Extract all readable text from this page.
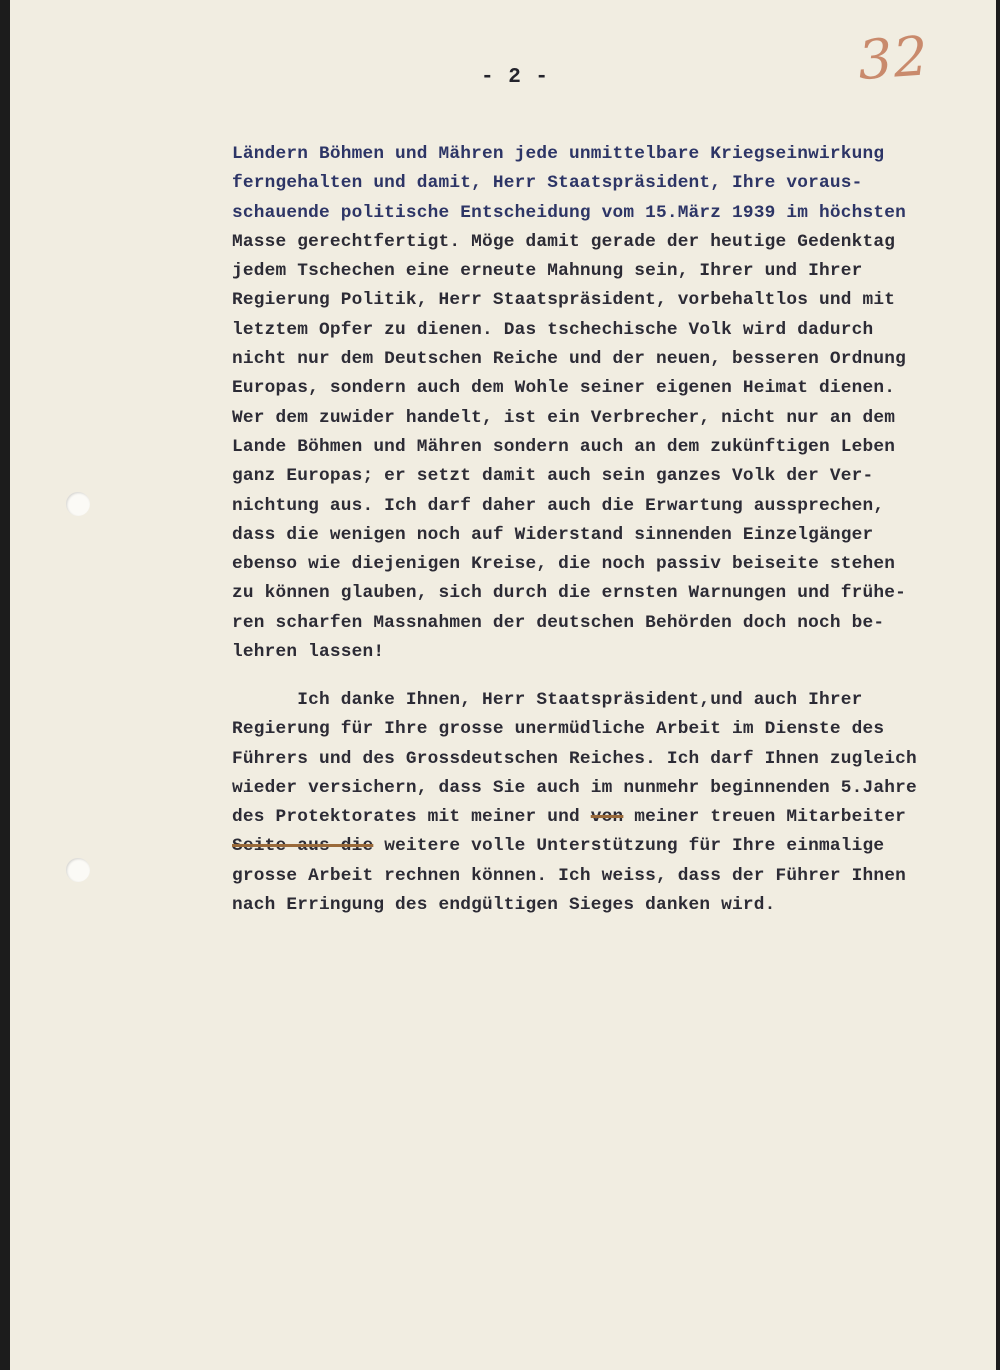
32
- 2 -
Ländern Böhmen und Mähren jede unmittelbare Kriegseinwirkung
ferngehalten und damit, Herr Staatspräsident, Ihre voraus-
schauende politische Entscheidung vom 15.März 1939 im höchsten
Masse gerechtfertigt. Möge damit gerade der heutige Gedenktag
jedem Tschechen eine erneute Mahnung sein, Ihrer und Ihrer
Regierung Politik, Herr Staatspräsident, vorbehaltlos und mit
letztem Opfer zu dienen. Das tschechische Volk wird dadurch
nicht nur dem Deutschen Reiche und der neuen, besseren Ordnung
Europas, sondern auch dem Wohle seiner eigenen Heimat dienen.
Wer dem zuwider handelt, ist ein Verbrecher, nicht nur an dem
Lande Böhmen und Mähren sondern auch an dem zukünftigen Leben
ganz Europas; er setzt damit auch sein ganzes Volk der Ver-
nichtung aus. Ich darf daher auch die Erwartung aussprechen,
dass die wenigen noch auf Widerstand sinnenden Einzelgänger
ebenso wie diejenigen Kreise, die noch passiv beiseite stehen
zu können glauben, sich durch die ernsten Warnungen und frühe-
ren scharfen Massnahmen der deutschen Behörden doch noch be-
lehren lassen!
Ich danke Ihnen, Herr Staatspräsident,und auch Ihrer
Regierung für Ihre grosse unermüdliche Arbeit im Dienste des
Führers und des Grossdeutschen Reiches. Ich darf Ihnen zugleich
wieder versichern, dass Sie auch im nunmehr beginnenden 5.Jahre
des Protektorates mit meiner und von meiner treuen Mitarbeiter
Seite aus die weitere volle Unterstützung für Ihre einmalige
grosse Arbeit rechnen können. Ich weiss, dass der Führer Ihnen
nach Erringung des endgültigen Sieges danken wird.
